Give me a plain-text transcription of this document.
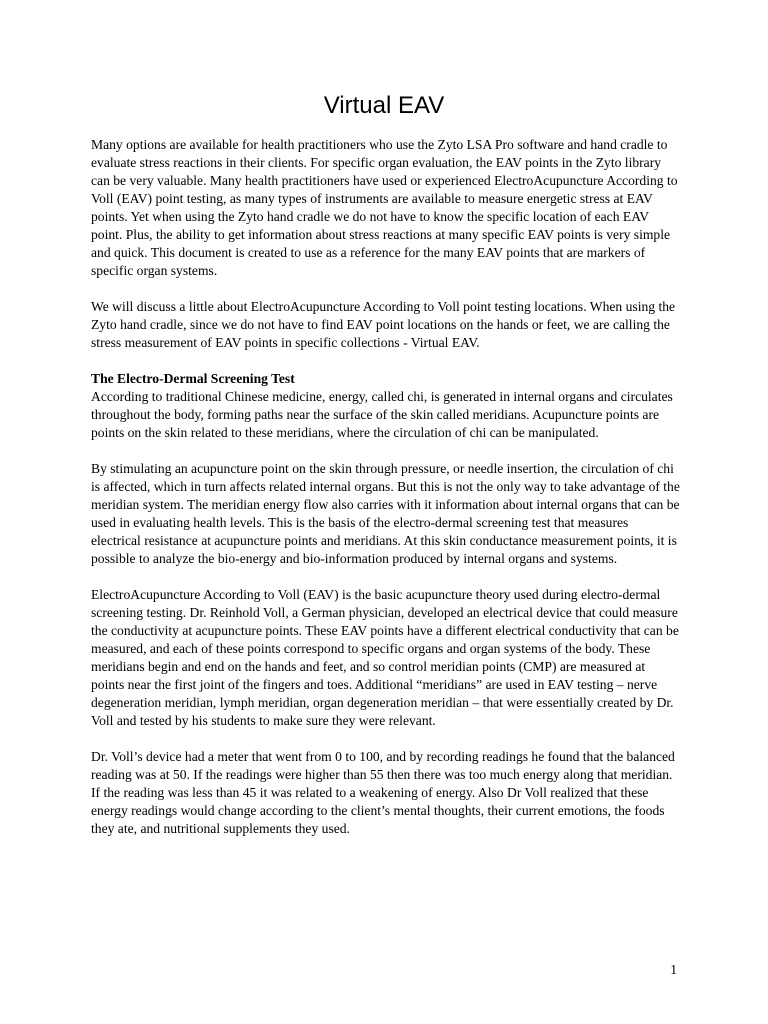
Virtual EAV

Many options are available for health practitioners who use the Zyto LSA Pro software and hand cradle to evaluate stress reactions in their clients. For specific organ evaluation, the EAV points in the Zyto library can be very valuable. Many health practitioners have used or experienced ElectroAcupuncture According to Voll (EAV) point testing, as many types of instruments are available to measure energetic stress at EAV points. Yet when using the Zyto hand cradle we do not have to know the specific location of each EAV point. Plus, the ability to get information about stress reactions at many specific EAV points is very simple and quick. This document is created to use as a reference for the many EAV points that are markers of specific organ systems.

We will discuss a little about ElectroAcupuncture According to Voll point testing locations. When using the Zyto hand cradle, since we do not have to find EAV point locations on the hands or feet, we are calling the stress measurement of EAV points in specific collections - Virtual EAV.

The Electro-Dermal Screening Test

According to traditional Chinese medicine, energy, called chi, is generated in internal organs and circulates throughout the body, forming paths near the surface of the skin called meridians. Acupuncture points are points on the skin related to these meridians, where the circulation of chi can be manipulated.

By stimulating an acupuncture point on the skin through pressure, or needle insertion, the circulation of chi is affected, which in turn affects related internal organs. But this is not the only way to take advantage of the meridian system. The meridian energy flow also carries with it information about internal organs that can be used in evaluating health levels. This is the basis of the electro-dermal screening test that measures electrical resistance at acupuncture points and meridians. At this skin conductance measurement points, it is possible to analyze the bio-energy and bio-information produced by internal organs and systems.

ElectroAcupuncture According to Voll (EAV) is the basic acupuncture theory used during electro-dermal screening testing. Dr. Reinhold Voll, a German physician, developed an electrical device that could measure the conductivity at acupuncture points. These EAV points have a different electrical conductivity that can be measured, and each of these points correspond to specific organs and organ systems of the body. These meridians begin and end on the hands and feet, and so control meridian points (CMP) are measured at points near the first joint of the fingers and toes. Additional “meridians” are used in EAV testing – nerve degeneration meridian, lymph meridian, organ degeneration meridian – that were essentially created by Dr. Voll and tested by his students to make sure they were relevant.

Dr. Voll’s device had a meter that went from 0 to 100, and by recording readings he found that the balanced reading was at 50. If the readings were higher than 55 then there was too much energy along that meridian. If the reading was less than 45 it was related to a weakening of energy. Also Dr Voll realized that these energy readings would change according to the client’s mental thoughts, their current emotions, the foods they ate, and nutritional supplements they used.

1
